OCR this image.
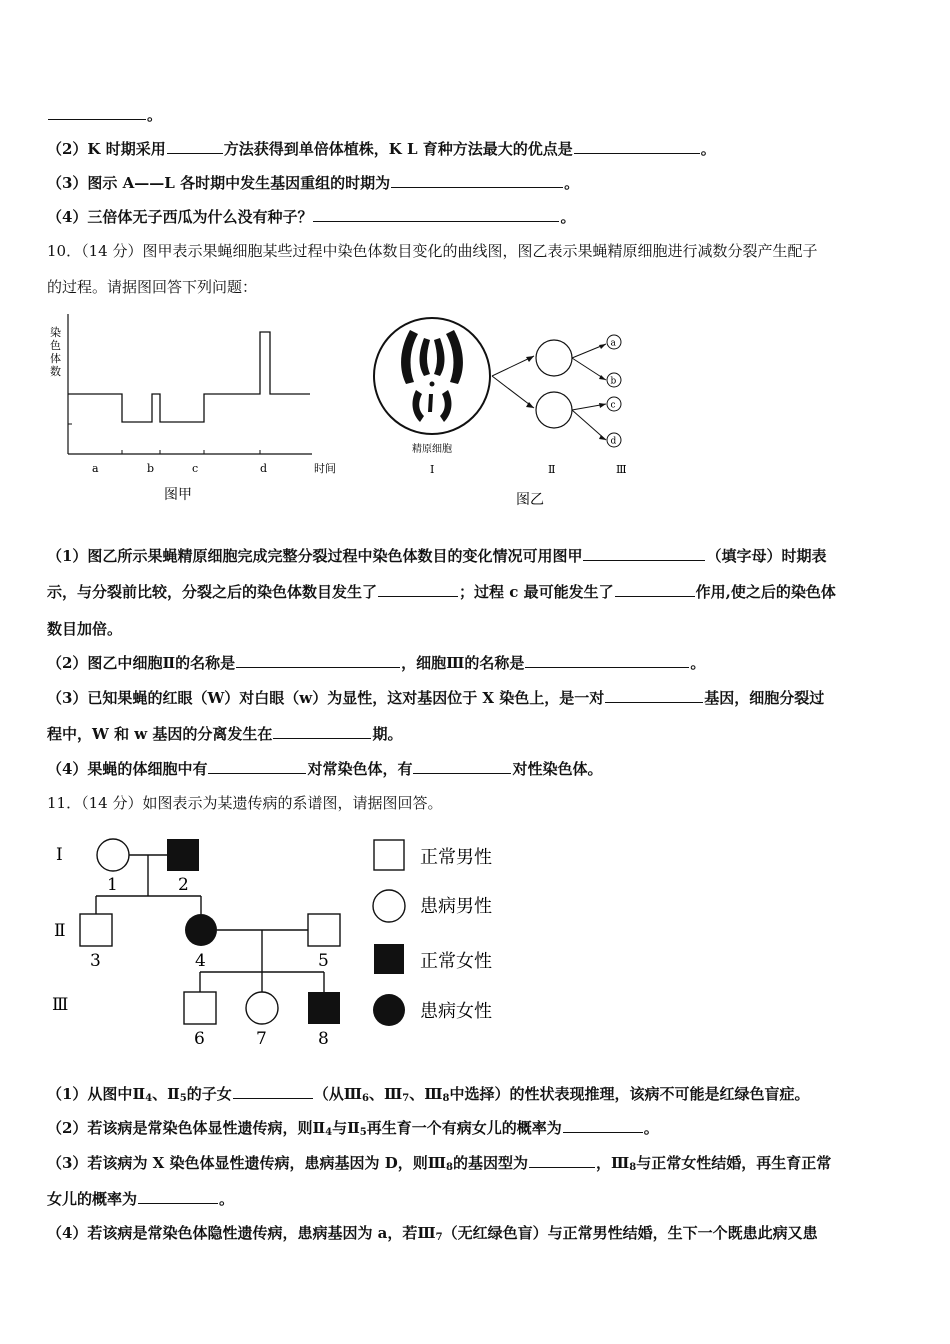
。
（2）K 时期采用	方法获得到单倍体植株，K L 育种方法最大的优点是	。
（3）图示 A——L 各时期中发生基因重组的时期为	。
（4）三倍体无子西瓜为什么没有种子？	。
10．（14 分）图甲表示果蝇细胞某些过程中染色体数目变化的曲线图，图乙表示果蝇精原细胞进行减数分裂产生配子
的过程。请据图回答下列问题：
染
色
体
数
a	b	c	d	时间
图甲
a
b
c
d
精原细胞
Ⅰ	Ⅱ	Ⅲ
图乙
（1）图乙所示果蝇精原细胞完成完整分裂过程中染色体数目的变化情况可用图甲	（填字母）时期表
示，与分裂前比较，分裂之后的染色体数目发生了	；过程 c 最可能发生了	作用,使之后的染色体
数目加倍。
（2）图乙中细胞Ⅱ的名称是	，细胞Ⅲ的名称是	。
（3）已知果蝇的红眼（W）对白眼（w）为显性，这对基因位于 X 染色上，是一对	基因，细胞分裂过
程中，W 和 w 基因的分离发生在	期。
（4）果蝇的体细胞中有	对常染色体，有	对性染色体。
11．（14 分）如图表示为某遗传病的系谱图，请据图回答。
Ⅰ
Ⅱ
Ⅲ
1	2
3	4	5
6	7	8
正常男性
患病男性
正常女性
患病女性
（1）从图中$Ⅱ_4$、$Ⅱ_5$的子女	（从$Ⅲ_6$、$Ⅲ_7$、$Ⅲ_8$中选择）的性状表现推理，该病不可能是红绿色盲症。
（2）若该病是常染色体显性遗传病，则$Ⅱ_4$与$Ⅱ_5$再生育一个有病女儿的概率为	。
（3）若该病为 X 染色体显性遗传病，患病基因为 D，则$Ⅲ_8$的基因型为	，$Ⅲ_8$与正常女性结婚，再生育正常
女儿的概率为	。
（4）若该病是常染色体隐性遗传病，患病基因为 a，若$Ⅲ_7$（无红绿色盲）与正常男性结婚，生下一个既患此病又患
